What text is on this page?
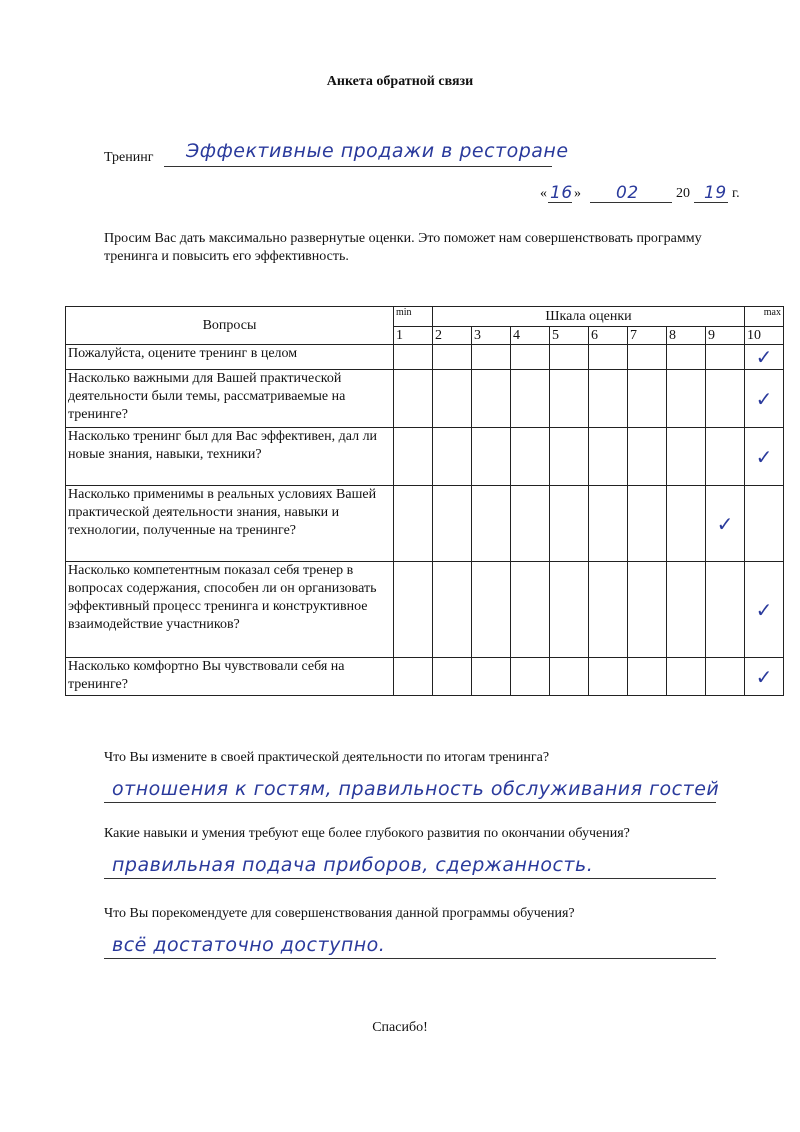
Анкета обратной связи
Тренинг Эффективные продажи в ресторане
« 16 » 02	20 19 г.
Просим Вас дать максимально развернутые оценки. Это поможет нам совершенствовать программу тренинга и повысить его эффективность.
Вопросы	min	Шкала оценки								max
	1	2	3	4	5	6	7	8	9	10
Пожалуйста, оцените тренинг в целом										✓
Насколько важными для Вашей практической деятельности были темы, рассматриваемые на тренинге?										✓
Насколько тренинг был для Вас эффективен, дал ли новые знания, навыки, техники?										✓
Насколько применимы в реальных условиях Вашей практической деятельности знания, навыки и технологии, полученные на тренинге?									✓	
Насколько компетентным показал себя тренер в вопросах содержания, способен ли он организовать эффективный процесс тренинга и конструктивное взаимодействие участников?										✓
Насколько комфортно Вы чувствовали себя на тренинге?										✓
Что Вы измените в своей практической деятельности по итогам тренинга?
отношения к гостям, правильность обслуживания гостей
Какие навыки и умения требуют еще более глубокого развития по окончании обучения?
правильная подача приборов, сдержанность.
Что Вы порекомендуете для совершенствования данной программы обучения?
всё достаточно доступно.
Спасибо!
